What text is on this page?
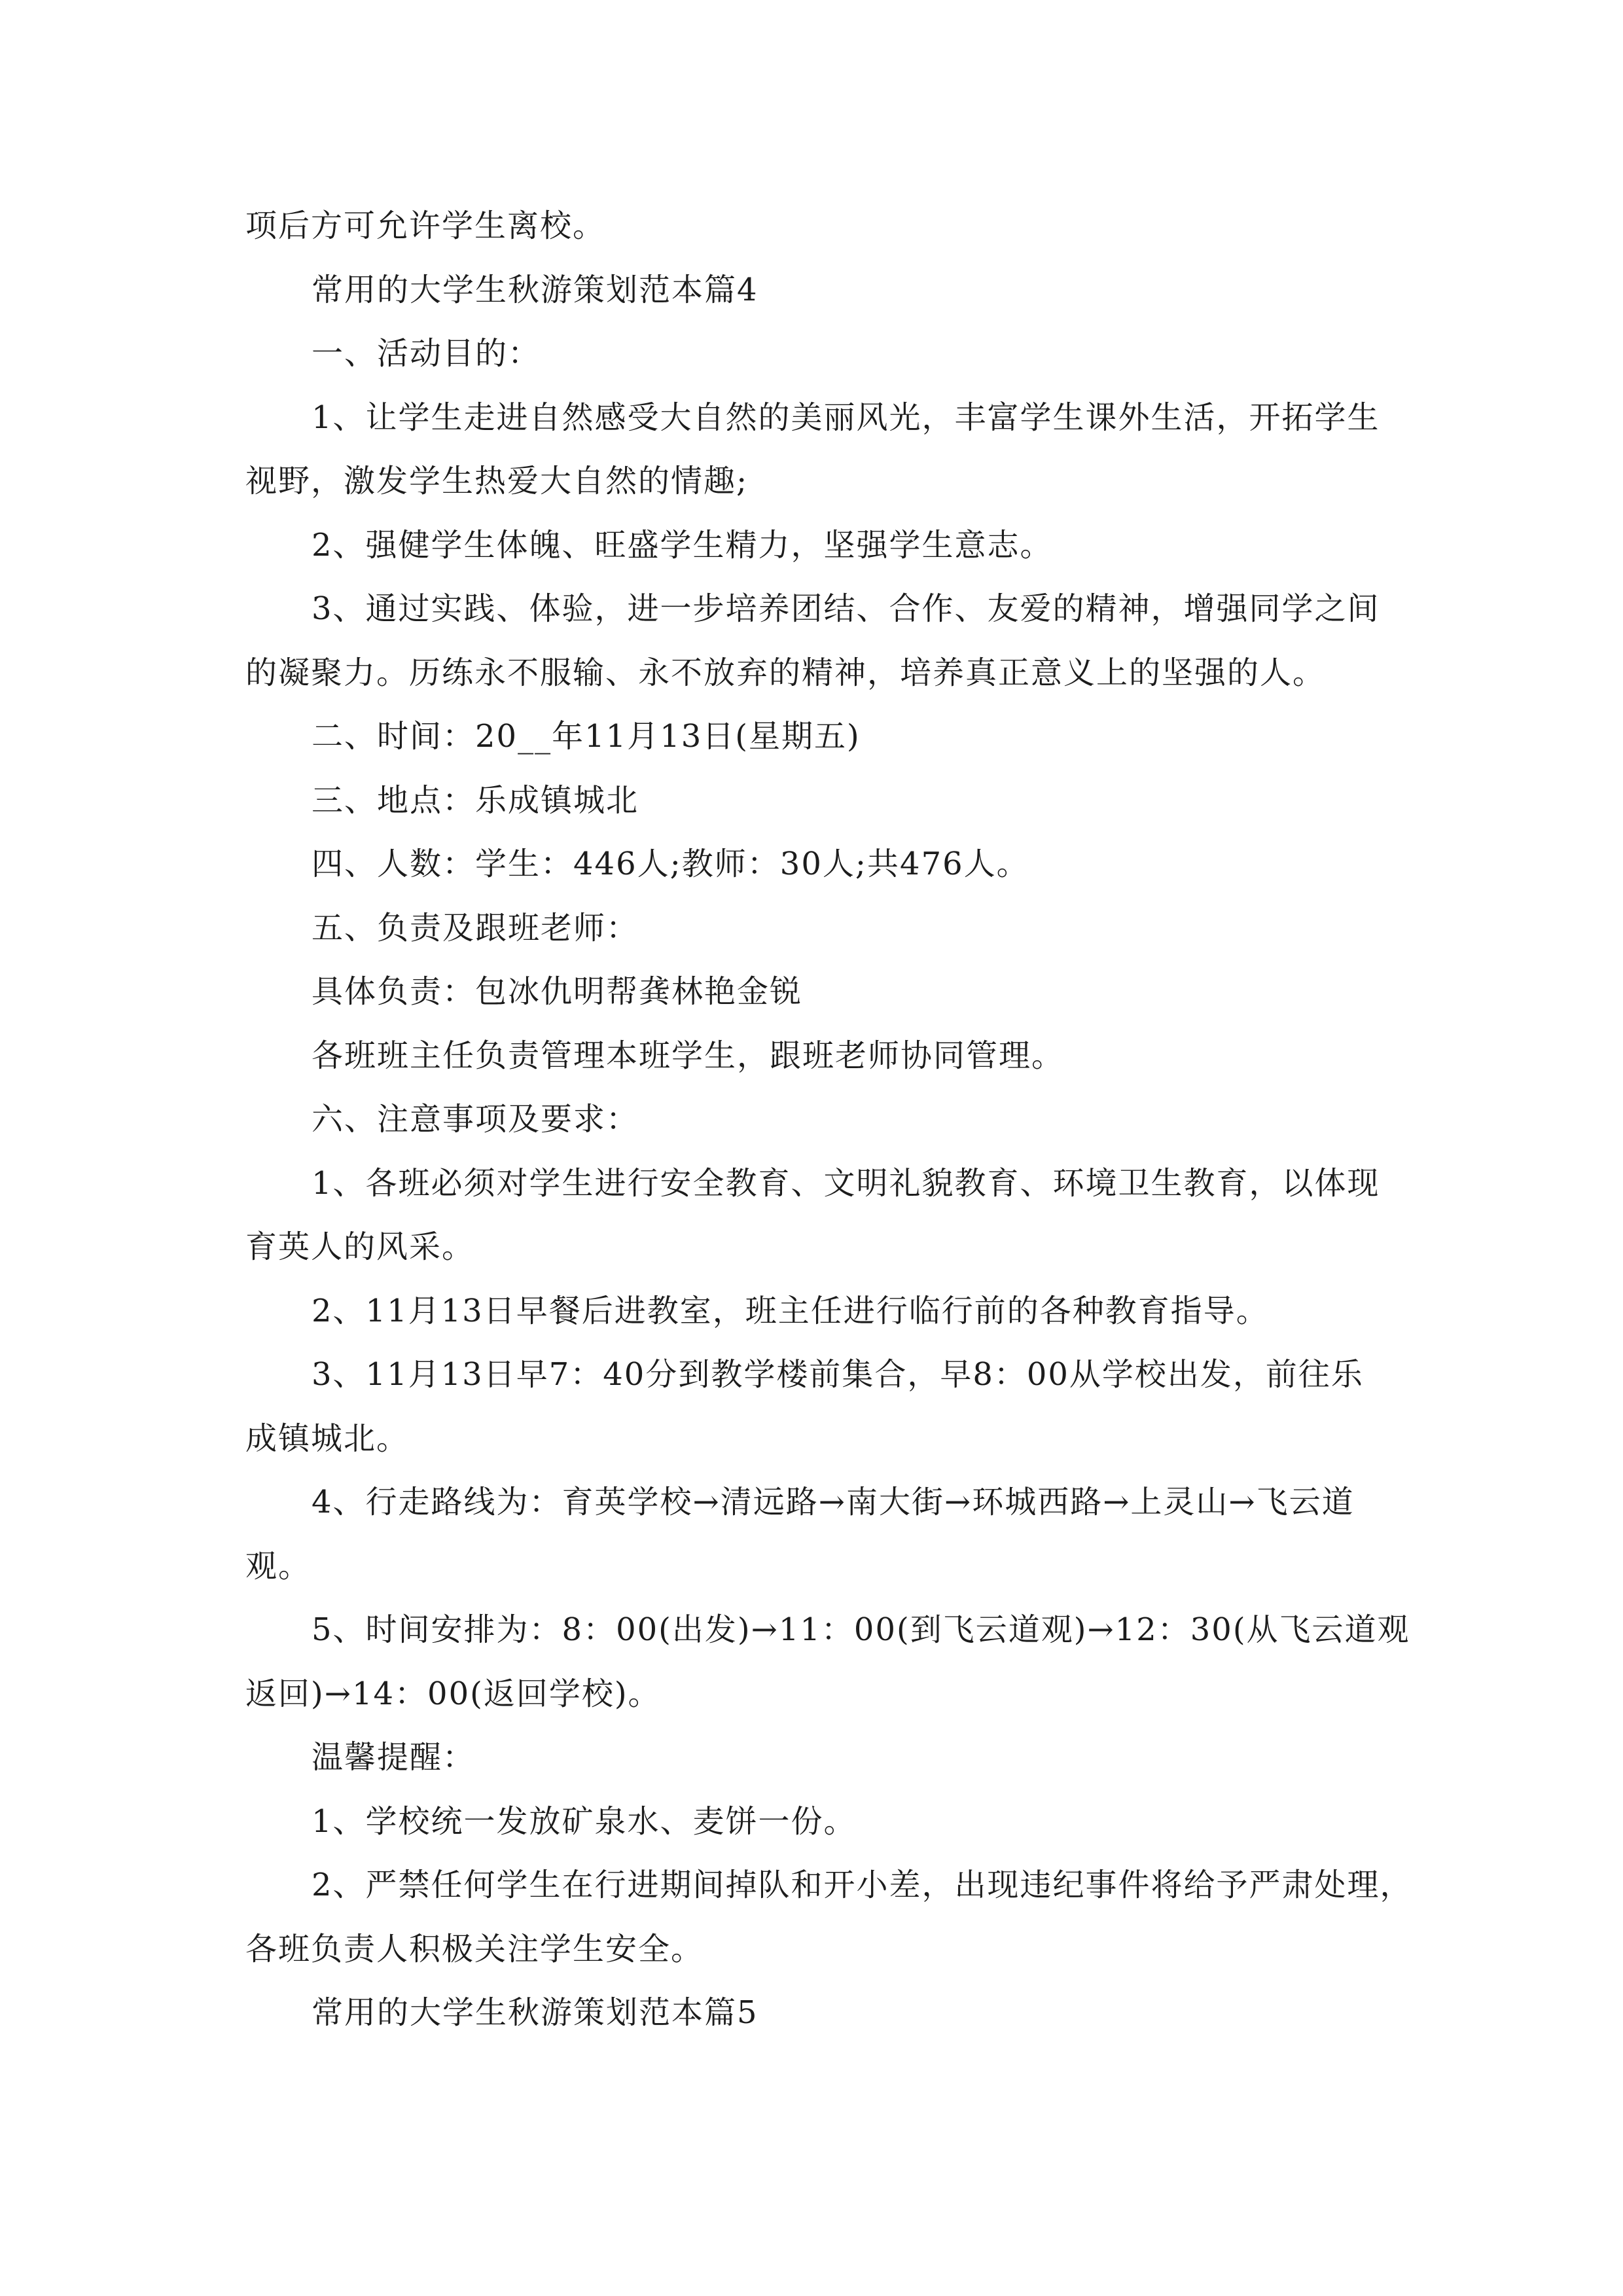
项后方可允许学生离校。
常用的大学生秋游策划范本篇4
一、活动目的：
1、让学生走进自然感受大自然的美丽风光，丰富学生课外生活，开拓学生
视野，激发学生热爱大自然的情趣;
2、强健学生体魄、旺盛学生精力，坚强学生意志。
3、通过实践、体验，进一步培养团结、合作、友爱的精神，增强同学之间
的凝聚力。历练永不服输、永不放弃的精神，培养真正意义上的坚强的人。
二、时间：20__年11月13日(星期五)
三、地点：乐成镇城北
四、人数：学生：446人;教师：30人;共476人。
五、负责及跟班老师：
具体负责：包冰仇明帮龚林艳金锐
各班班主任负责管理本班学生，跟班老师协同管理。
六、注意事项及要求：
1、各班必须对学生进行安全教育、文明礼貌教育、环境卫生教育，以体现
育英人的风采。
2、11月13日早餐后进教室，班主任进行临行前的各种教育指导。
3、11月13日早7：40分到教学楼前集合，早8：00从学校出发，前往乐
成镇城北。
4、行走路线为：育英学校→清远路→南大街→环城西路→上灵山→飞云道
观。
5、时间安排为：8：00(出发)→11：00(到飞云道观)→12：30(从飞云道观
返回)→14：00(返回学校)。
温馨提醒：
1、学校统一发放矿泉水、麦饼一份。
2、严禁任何学生在行进期间掉队和开小差，出现违纪事件将给予严肃处理，
各班负责人积极关注学生安全。
常用的大学生秋游策划范本篇5
